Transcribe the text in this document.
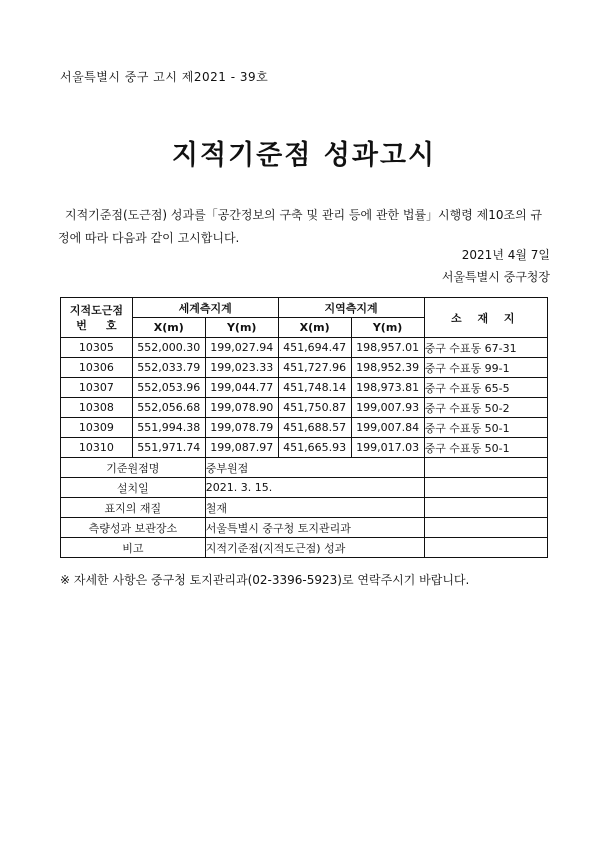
서울특별시 중구 고시 제2021 - 39호
지적기준점 성과고시
지적기준점(도근점) 성과를「공간정보의 구축 및 관리 등에 관한 법률」시행령 제10조의 규정에 따라 다음과 같이 고시합니다.
2021년 4월 7일
서울특별시 중구청장
지적도근점
번     호	세계측지계		지역측지계		소 재 지
	X(m)	Y(m)	X(m)	Y(m)	
10305	552,000.30	199,027.94	451,694.47	198,957.01	중구 수표동 67-31
10306	552,033.79	199,023.33	451,727.96	198,952.39	중구 수표동 99-1
10307	552,053.96	199,044.77	451,748.14	198,973.81	중구 수표동 65-5
10308	552,056.68	199,078.90	451,750.87	199,007.93	중구 수표동 50-2
10309	551,994.38	199,078.79	451,688.57	199,007.84	중구 수표동 50-1
10310	551,971.74	199,087.97	451,665.93	199,017.03	중구 수표동 50-1
기준원점명		중부원점			
설치일		2021. 3. 15.			
표지의 재질		철재			
측량성과 보관장소		서울특별시 중구청 토지관리과			
비고		지적기준점(지적도근점) 성과			
※ 자세한 사항은 중구청 토지관리과(02-3396-5923)로 연락주시기 바랍니다.
